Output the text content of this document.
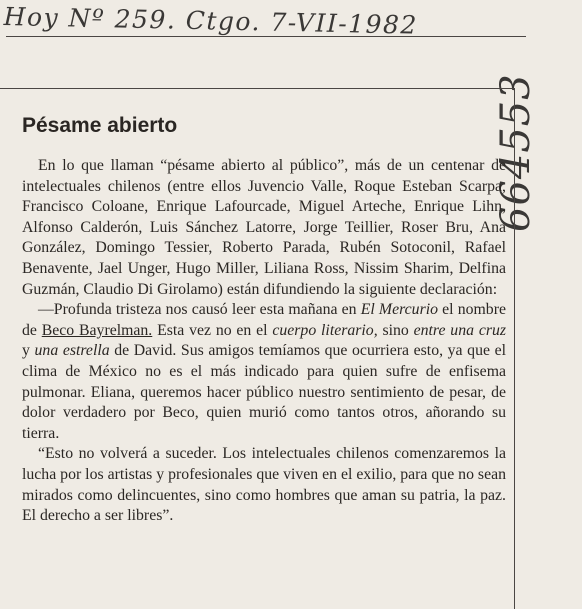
Hoy Nº 259. Ctgo. 7-VII-1982
664553
Pésame abierto

En lo que llaman “pésame abierto al público”, más de un centenar de intelectuales chilenos (entre ellos Juvencio Valle, Roque Esteban Scarpa, Francisco Coloane, Enrique Lafourcade, Miguel Arteche, Enrique Lihn, Alfonso Calderón, Luis Sánchez Latorre, Jorge Teillier, Roser Bru, Ana González, Domingo Tessier, Roberto Parada, Rubén Sotoconil, Rafael Benavente, Jael Unger, Hugo Miller, Liliana Ross, Nissim Sharim, Delfina Guzmán, Claudio Di Girolamo) están difundiendo la siguiente declaración:

—Profunda tristeza nos causó leer esta mañana en El Mercurio el nombre de Beco Bayrelman. Esta vez no en el cuerpo literario, sino entre una cruz y una estrella de David. Sus amigos temíamos que ocurriera esto, ya que el clima de México no es el más indicado para quien sufre de enfisema pulmonar. Eliana, queremos hacer público nuestro sentimiento de pesar, de dolor verdadero por Beco, quien murió como tantos otros, añorando su tierra.

“Esto no volverá a suceder. Los intelectuales chilenos comenzaremos la lucha por los artistas y profesionales que viven en el exilio, para que no sean mirados como delincuentes, sino como hombres que aman su patria, la paz. El derecho a ser libres”.
